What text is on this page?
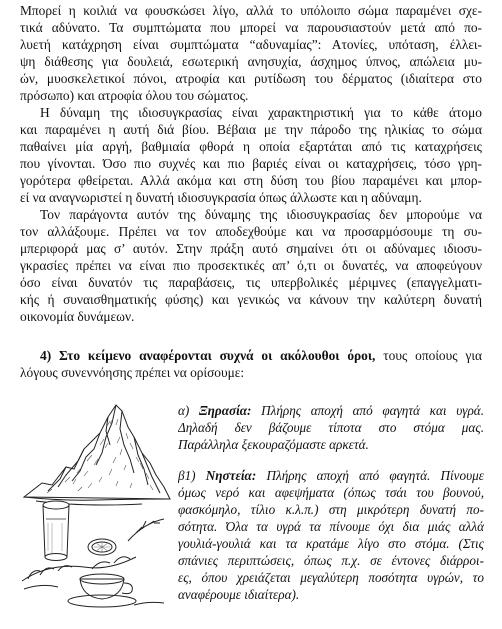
Μπορεί η κοιλιά να φουσκώσει λίγο, αλλά το υπόλοιπο σώμα παραμένει σχε-
τικά αδύνατο. Τα συμπτώματα που μπορεί να παρουσιαστούν μετά από πο-
λυετή κατάχρηση είναι συμπτώματα “αδυναμίας”: Ατονίες, υπόταση, έλλει-
ψη διάθεσης για δουλειά, εσωτερική ανησυχία, άσχημος ύπνος, απώλεια μυ-
ών, μυοσκελετικοί πόνοι, ατροφία και ρυτίδωση του δέρματος (ιδιαίτερα στο
πρόσωπο) και ατροφία όλου του σώματος.
Η δύναμη της ιδιοσυγκρασίας είναι χαρακτηριστική για το κάθε άτομο
και παραμένει η αυτή διά βίου. Βέβαια με την πάροδο της ηλικίας το σώμα
παθαίνει μία αργή, βαθμιαία φθορά η οποία εξαρτάται από τις καταχρήσεις
που γίνονται. Όσο πιο συχνές και πιο βαριές είναι οι καταχρήσεις, τόσο γρη-
γορότερα φθείρεται. Αλλά ακόμα και στη δύση του βίου παραμένει και μπορ-
εί να αναγνωριστεί η δυνατή ιδιοσυγκρασία όπως άλλωστε και η αδύναμη.
Τον παράγοντα αυτόν της δύναμης της ιδιοσυγκρασίας δεν μπορούμε να
τον αλλάξουμε. Πρέπει να τον αποδεχθούμε και να προσαρμόσουμε τη συ-
μπεριφορά μας σ’ αυτόν. Στην πράξη αυτό σημαίνει ότι οι αδύναμες ιδιοσυ-
γκρασίες πρέπει να είναι πιο προσεκτικές απ’ ό,τι οι δυνατές, να αποφεύγουν
όσο είναι δυνατόν τις παραβάσεις, τις υπερβολικές μέριμνες (επαγγελματι-
κής ή συναισθηματικής φύσης) και γενικώς να κάνουν την καλύτερη δυνατή
οικονομία δυνάμεων.
4) Στο κείμενο αναφέρονται συχνά οι ακόλουθοι όροι, τους οποίους για
λόγους συνεννόησης πρέπει να ορίσουμε:
α) Ξηρασία: Πλήρης αποχή από φαγητά και υγρά.
Δηλαδή δεν βάζουμε τίποτα στο στόμα μας.
Παράλληλα ξεκουραζόμαστε αρκετά.
β1) Νηστεία: Πλήρης αποχή από φαγητά. Πίνουμε
όμως νερό και αφεψήματα (όπως τσάι του βουνού,
φασκόμηλο, τίλιο κ.λ.π.) στη μικρότερη δυνατή πο-
σότητα. Όλα τα υγρά τα πίνουμε όχι δια μιάς αλλά
γουλιά-γουλιά και τα κρατάμε λίγο στο στόμα. (Στις
σπάνιες περιπτώσεις, όπως π.χ. σε έντονες διάρροι-
ες, όπου χρειάζεται μεγαλύτερη ποσότητα υγρών, το
αναφέρουμε ιδιαίτερα).
